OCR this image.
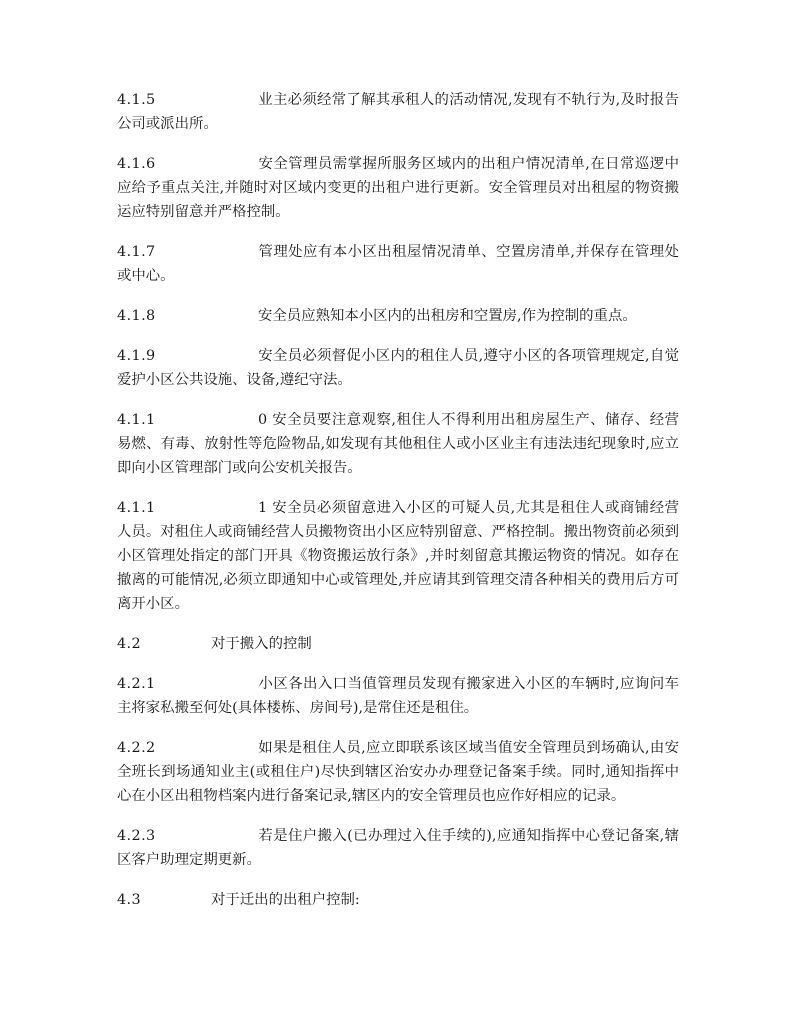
4.1.5	业主必须经常了解其承租人的活动情况,发现有不轨行为,及时报告公司或派出所。

4.1.6	安全管理员需掌握所服务区域内的出租户情况清单,在日常巡逻中应给予重点关注,并随时对区域内变更的出租户进行更新。安全管理员对出租屋的物资搬运应特别留意并严格控制。

4.1.7	管理处应有本小区出租屋情况清单、空置房清单,并保存在管理处或中心。

4.1.8	安全员应熟知本小区内的出租房和空置房,作为控制的重点。

4.1.9	安全员必须督促小区内的租住人员,遵守小区的各项管理规定,自觉爱护小区公共设施、设备,遵纪守法。

4.1.1	0 安全员要注意观察,租住人不得利用出租房屋生产、储存、经营易燃、有毒、放射性等危险物品,如发现有其他租住人或小区业主有违法违纪现象时,应立即向小区管理部门或向公安机关报告。

4.1.1	1 安全员必须留意进入小区的可疑人员,尤其是租住人或商铺经营人员。对租住人或商铺经营人员搬物资出小区应特别留意、严格控制。搬出物资前必须到小区管理处指定的部门开具《物资搬运放行条》,并时刻留意其搬运物资的情况。如存在撤离的可能情况,必须立即通知中心或管理处,并应请其到管理交清各种相关的费用后方可离开小区。

4.2	对于搬入的控制

4.2.1	小区各出入口当值管理员发现有搬家进入小区的车辆时,应询问车主将家私搬至何处(具体楼栋、房间号),是常住还是租住。

4.2.2	如果是租住人员,应立即联系该区域当值安全管理员到场确认,由安全班长到场通知业主(或租住户)尽快到辖区治安办办理登记备案手续。同时,通知指挥中心在小区出租物档案内进行备案记录,辖区内的安全管理员也应作好相应的记录。

4.2.3	若是住户搬入(已办理过入住手续的),应通知指挥中心登记备案,辖区客户助理定期更新。

4.3	对于迁出的出租户控制:
